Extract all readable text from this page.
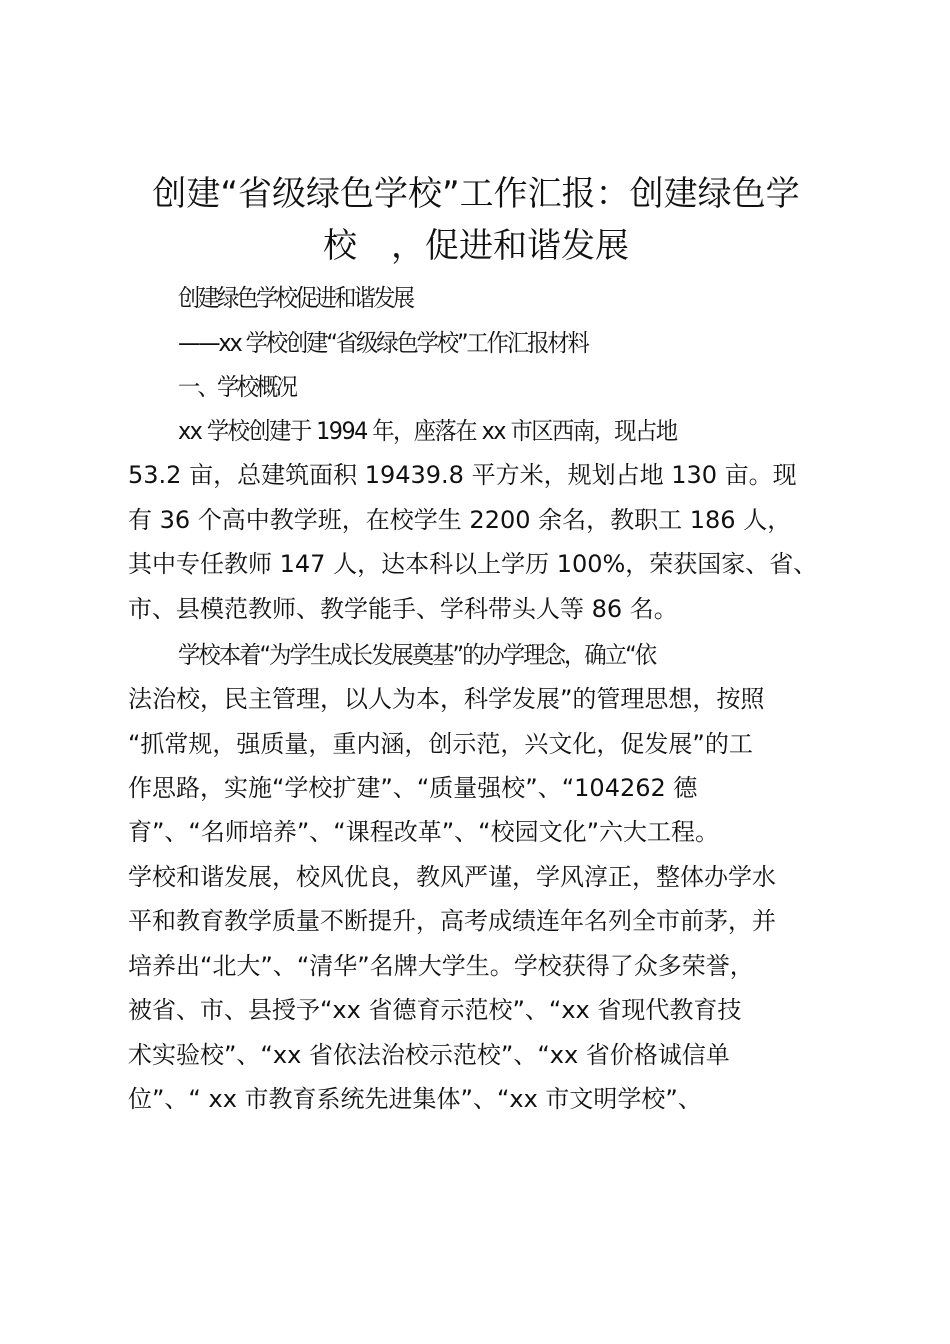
创建“省级绿色学校”工作汇报：创建绿色学
校　，促进和谐发展

创建绿色学校促进和谐发展

——xx 学校创建“省级绿色学校”工作汇报材料

一、学校概况

xx 学校创建于 1994 年，座落在 xx 市区西南，现占地

53.2 亩，总建筑面积 19439.8 平方米，规划占地 130 亩。现

有 36 个高中教学班，在校学生 2200 余名，教职工 186 人，

其中专任教师 147 人，达本科以上学历 100%，荣获国家、省、

市、县模范教师、教学能手、学科带头人等 86 名。

学校本着“为学生成长发展奠基”的办学理念，确立“依

法治校，民主管理，以人为本，科学发展”的管理思想，按照

“抓常规，强质量，重内涵，创示范，兴文化，促发展”的工

作思路，实施“学校扩建”、“质量强校”、“104262 德

育”、“名师培养”、“课程改革”、“校园文化”六大工程。

学校和谐发展，校风优良，教风严谨，学风淳正，整体办学水

平和教育教学质量不断提升，高考成绩连年名列全市前茅，并

培养出“北大”、“清华”名牌大学生。学校获得了众多荣誉，

被省、市、县授予“xx 省德育示范校”、“xx 省现代教育技

术实验校”、“xx 省依法治校示范校”、“xx 省价格诚信单

位”、“ xx 市教育系统先进集体”、“xx 市文明学校”、
